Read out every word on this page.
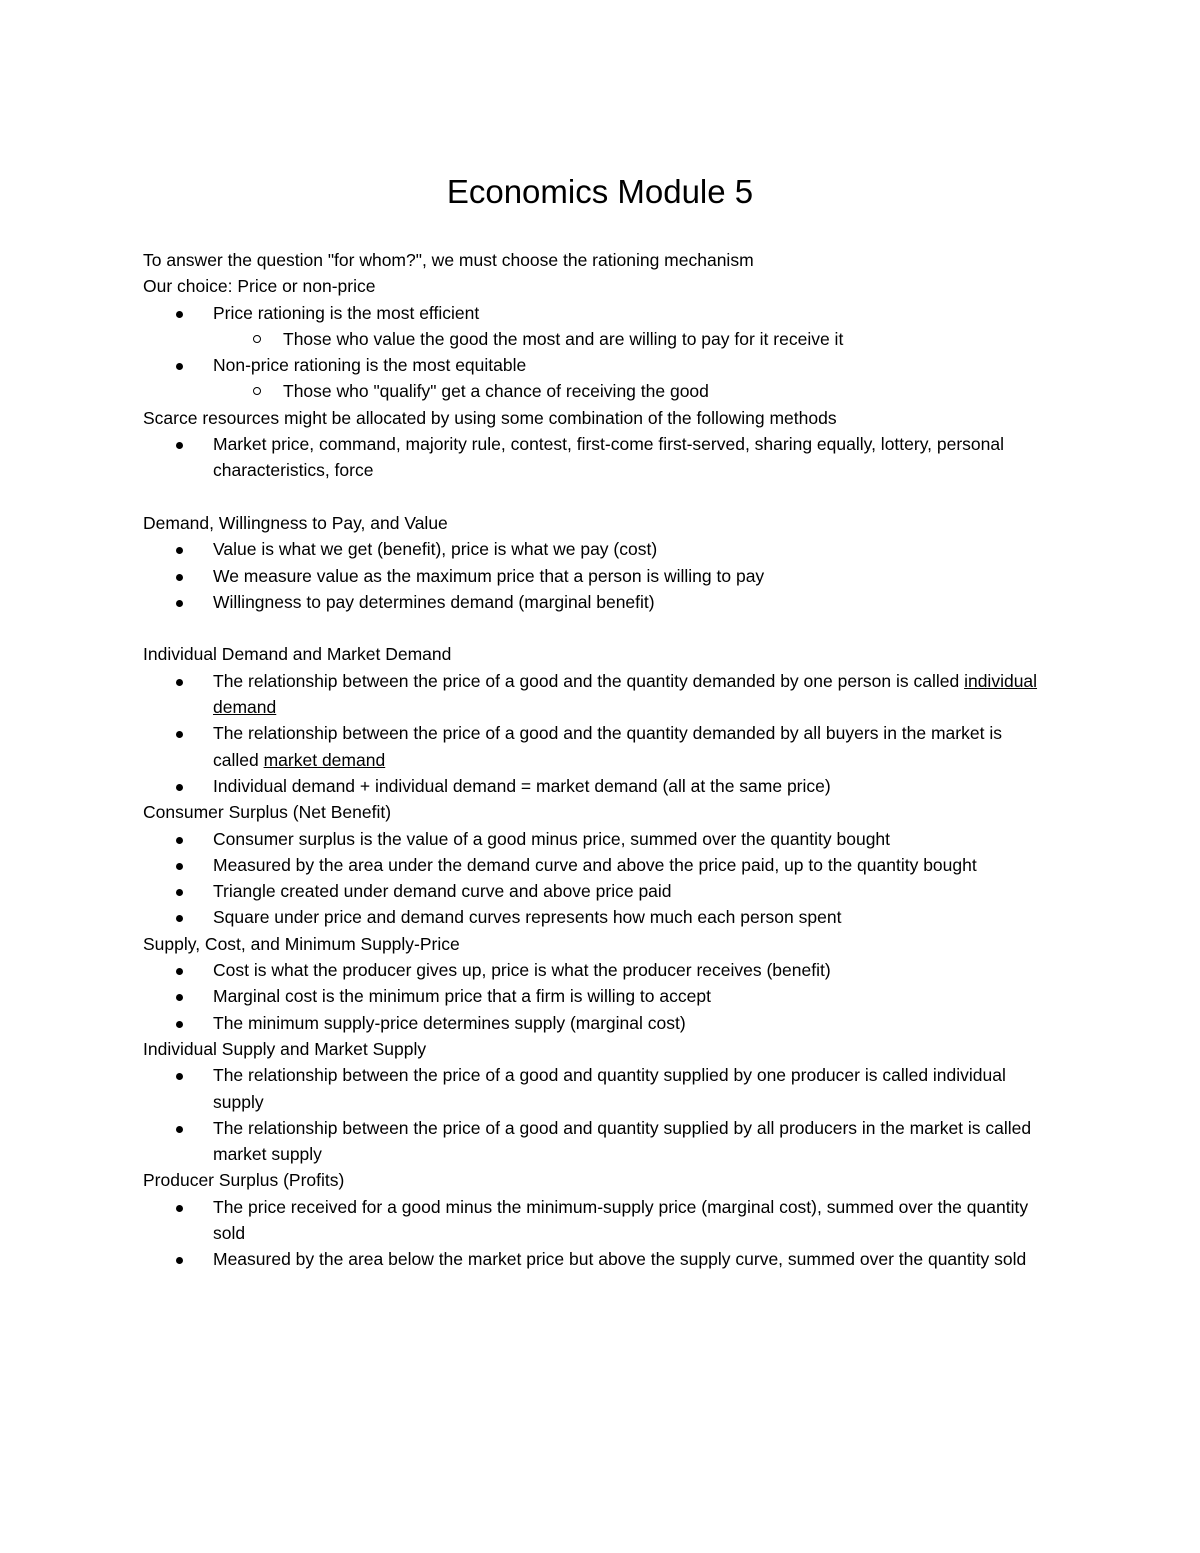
Economics Module 5

To answer the question "for whom?", we must choose the rationing mechanism

Our choice: Price or non-price

Price rationing is the most efficient
Those who value the good the most and are willing to pay for it receive it
Non-price rationing is the most equitable
Those who "qualify" get a chance of receiving the good

Scarce resources might be allocated by using some combination of the following methods

Market price, command, majority rule, contest, first-come first-served, sharing equally, lottery, personal characteristics, force

Demand, Willingness to Pay, and Value

Value is what we get (benefit), price is what we pay (cost)
We measure value as the maximum price that a person is willing to pay
Willingness to pay determines demand (marginal benefit)

Individual Demand and Market Demand

The relationship between the price of a good and the quantity demanded by one person is called individual demand
The relationship between the price of a good and the quantity demanded by all buyers in the market is called market demand
Individual demand + individual demand = market demand (all at the same price)

Consumer Surplus (Net Benefit)

Consumer surplus is the value of a good minus price, summed over the quantity bought
Measured by the area under the demand curve and above the price paid, up to the quantity bought
Triangle created under demand curve and above price paid
Square under price and demand curves represents how much each person spent

Supply, Cost, and Minimum Supply-Price

Cost is what the producer gives up, price is what the producer receives (benefit)
Marginal cost is the minimum price that a firm is willing to accept
The minimum supply-price determines supply (marginal cost)

Individual Supply and Market Supply

The relationship between the price of a good and quantity supplied by one producer is called individual supply
The relationship between the price of a good and quantity supplied by all producers in the market is called market supply

Producer Surplus (Profits)

The price received for a good minus the minimum-supply price (marginal cost), summed over the quantity sold
Measured by the area below the market price but above the supply curve, summed over the quantity sold
